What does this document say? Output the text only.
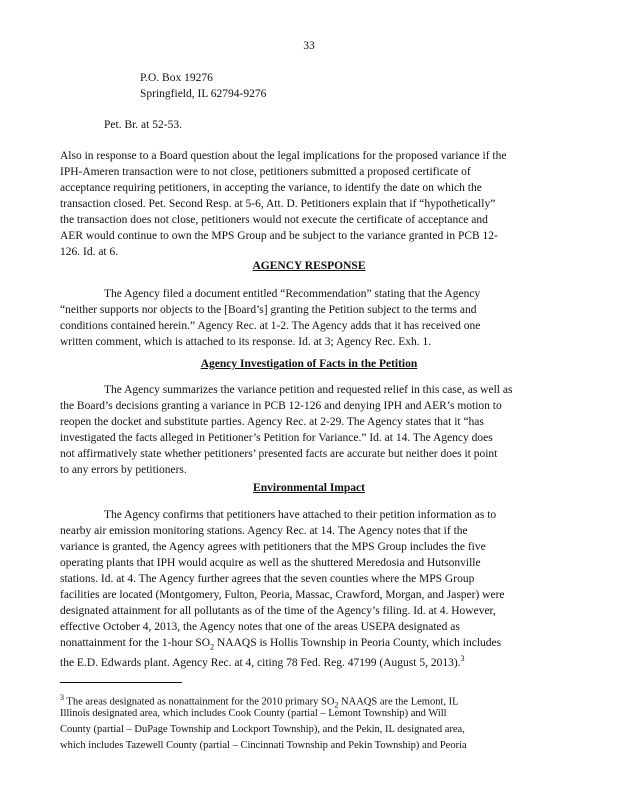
33
P.O. Box 19276
Springfield, IL 62794-9276
Pet. Br. at 52-53.
Also in response to a Board question about the legal implications for the proposed variance if the
IPH-Ameren transaction were to not close, petitioners submitted a proposed certificate of
acceptance requiring petitioners, in accepting the variance, to identify the date on which the
transaction closed. Pet. Second Resp. at 5-6, Att. D. Petitioners explain that if “hypothetically”
the transaction does not close, petitioners would not execute the certificate of acceptance and
AER would continue to own the MPS Group and be subject to the variance granted in PCB 12-
126. Id. at 6.
AGENCY RESPONSE
The Agency filed a document entitled “Recommendation” stating that the Agency
“neither supports nor objects to the [Board’s] granting the Petition subject to the terms and
conditions contained herein.” Agency Rec. at 1-2. The Agency adds that it has received one
written comment, which is attached to its response. Id. at 3; Agency Rec. Exh. 1.
Agency Investigation of Facts in the Petition
The Agency summarizes the variance petition and requested relief in this case, as well as
the Board’s decisions granting a variance in PCB 12-126 and denying IPH and AER’s motion to
reopen the docket and substitute parties. Agency Rec. at 2-29. The Agency states that it “has
investigated the facts alleged in Petitioner’s Petition for Variance.” Id. at 14. The Agency does
not affirmatively state whether petitioners’ presented facts are accurate but neither does it point
to any errors by petitioners.
Environmental Impact
The Agency confirms that petitioners have attached to their petition information as to
nearby air emission monitoring stations. Agency Rec. at 14. The Agency notes that if the
variance is granted, the Agency agrees with petitioners that the MPS Group includes the five
operating plants that IPH would acquire as well as the shuttered Meredosia and Hutsonville
stations. Id. at 4. The Agency further agrees that the seven counties where the MPS Group
facilities are located (Montgomery, Fulton, Peoria, Massac, Crawford, Morgan, and Jasper) were
designated attainment for all pollutants as of the time of the Agency’s filing. Id. at 4. However,
effective October 4, 2013, the Agency notes that one of the areas USEPA designated as
nonattainment for the 1-hour $SO_2$ NAAQS is Hollis Township in Peoria County, which includes
the E.D. Edwards plant. Agency Rec. at 4, citing 78 Fed. Reg. 47199 (August 5, 2013).$^3$
$^3$ The areas designated as nonattainment for the 2010 primary $SO_2$ NAAQS are the Lemont, IL
Illinois designated area, which includes Cook County (partial – Lemont Township) and Will
County (partial – DuPage Township and Lockport Township), and the Pekin, IL designated area,
which includes Tazewell County (partial – Cincinnati Township and Pekin Township) and Peoria
